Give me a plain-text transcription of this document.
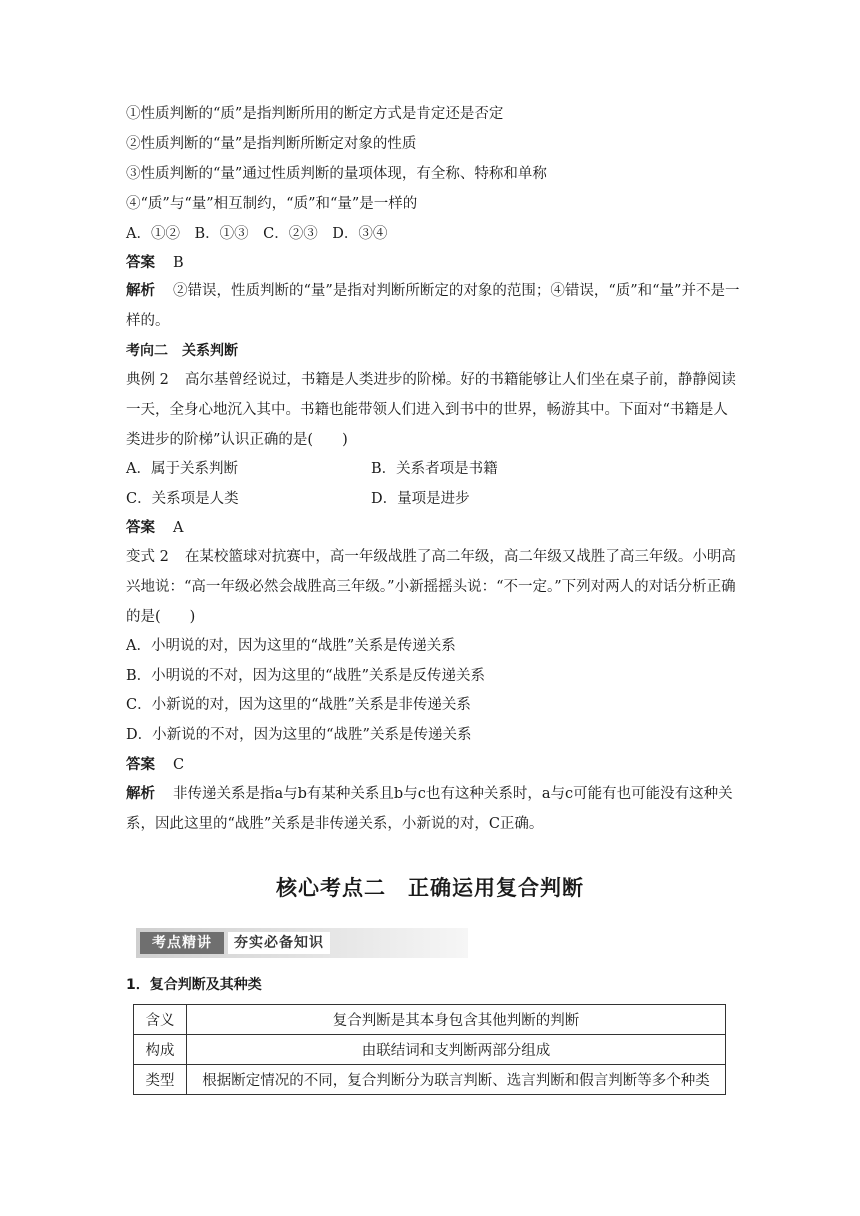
①性质判断的“质”是指判断所用的断定方式是肯定还是否定
②性质判断的“量”是指判断所断定对象的性质
③性质判断的“量”通过性质判断的量项体现，有全称、特称和单称
④“质”与“量”相互制约，“质”和“量”是一样的
A．①②　B．①③　C．②③　D．③④
答案 B
解析 ②错误，性质判断的“量”是指对判断所断定的对象的范围；④错误，“质”和“量”并不是一样的。
考向二　关系判断
典例 2 高尔基曾经说过，书籍是人类进步的阶梯。好的书籍能够让人们坐在桌子前，静静阅读一天，全身心地沉入其中。书籍也能带领人们进入到书中的世界，畅游其中。下面对“书籍是人类进步的阶梯”认识正确的是(　　)
A．属于关系判断	B．关系者项是书籍
C．关系项是人类	D．量项是进步
答案 A
变式 2 在某校篮球对抗赛中，高一年级战胜了高二年级，高二年级又战胜了高三年级。小明高兴地说：“高一年级必然会战胜高三年级。”小新摇摇头说：“不一定。”下列对两人的对话分析正确的是(　　)
A．小明说的对，因为这里的“战胜”关系是传递关系
B．小明说的不对，因为这里的“战胜”关系是反传递关系
C．小新说的对，因为这里的“战胜”关系是非传递关系
D．小新说的不对，因为这里的“战胜”关系是传递关系
答案 C
解析 非传递关系是指a与b有某种关系且b与c也有这种关系时，a与c可能有也可能没有这种关系，因此这里的“战胜”关系是非传递关系，小新说的对，C正确。
核心考点二　正确运用复合判断
考点精讲	夯实必备知识
1．复合判断及其种类
含义	复合判断是其本身包含其他判断的判断
构成	由联结词和支判断两部分组成
类型	根据断定情况的不同，复合判断分为联言判断、选言判断和假言判断等多个种类
